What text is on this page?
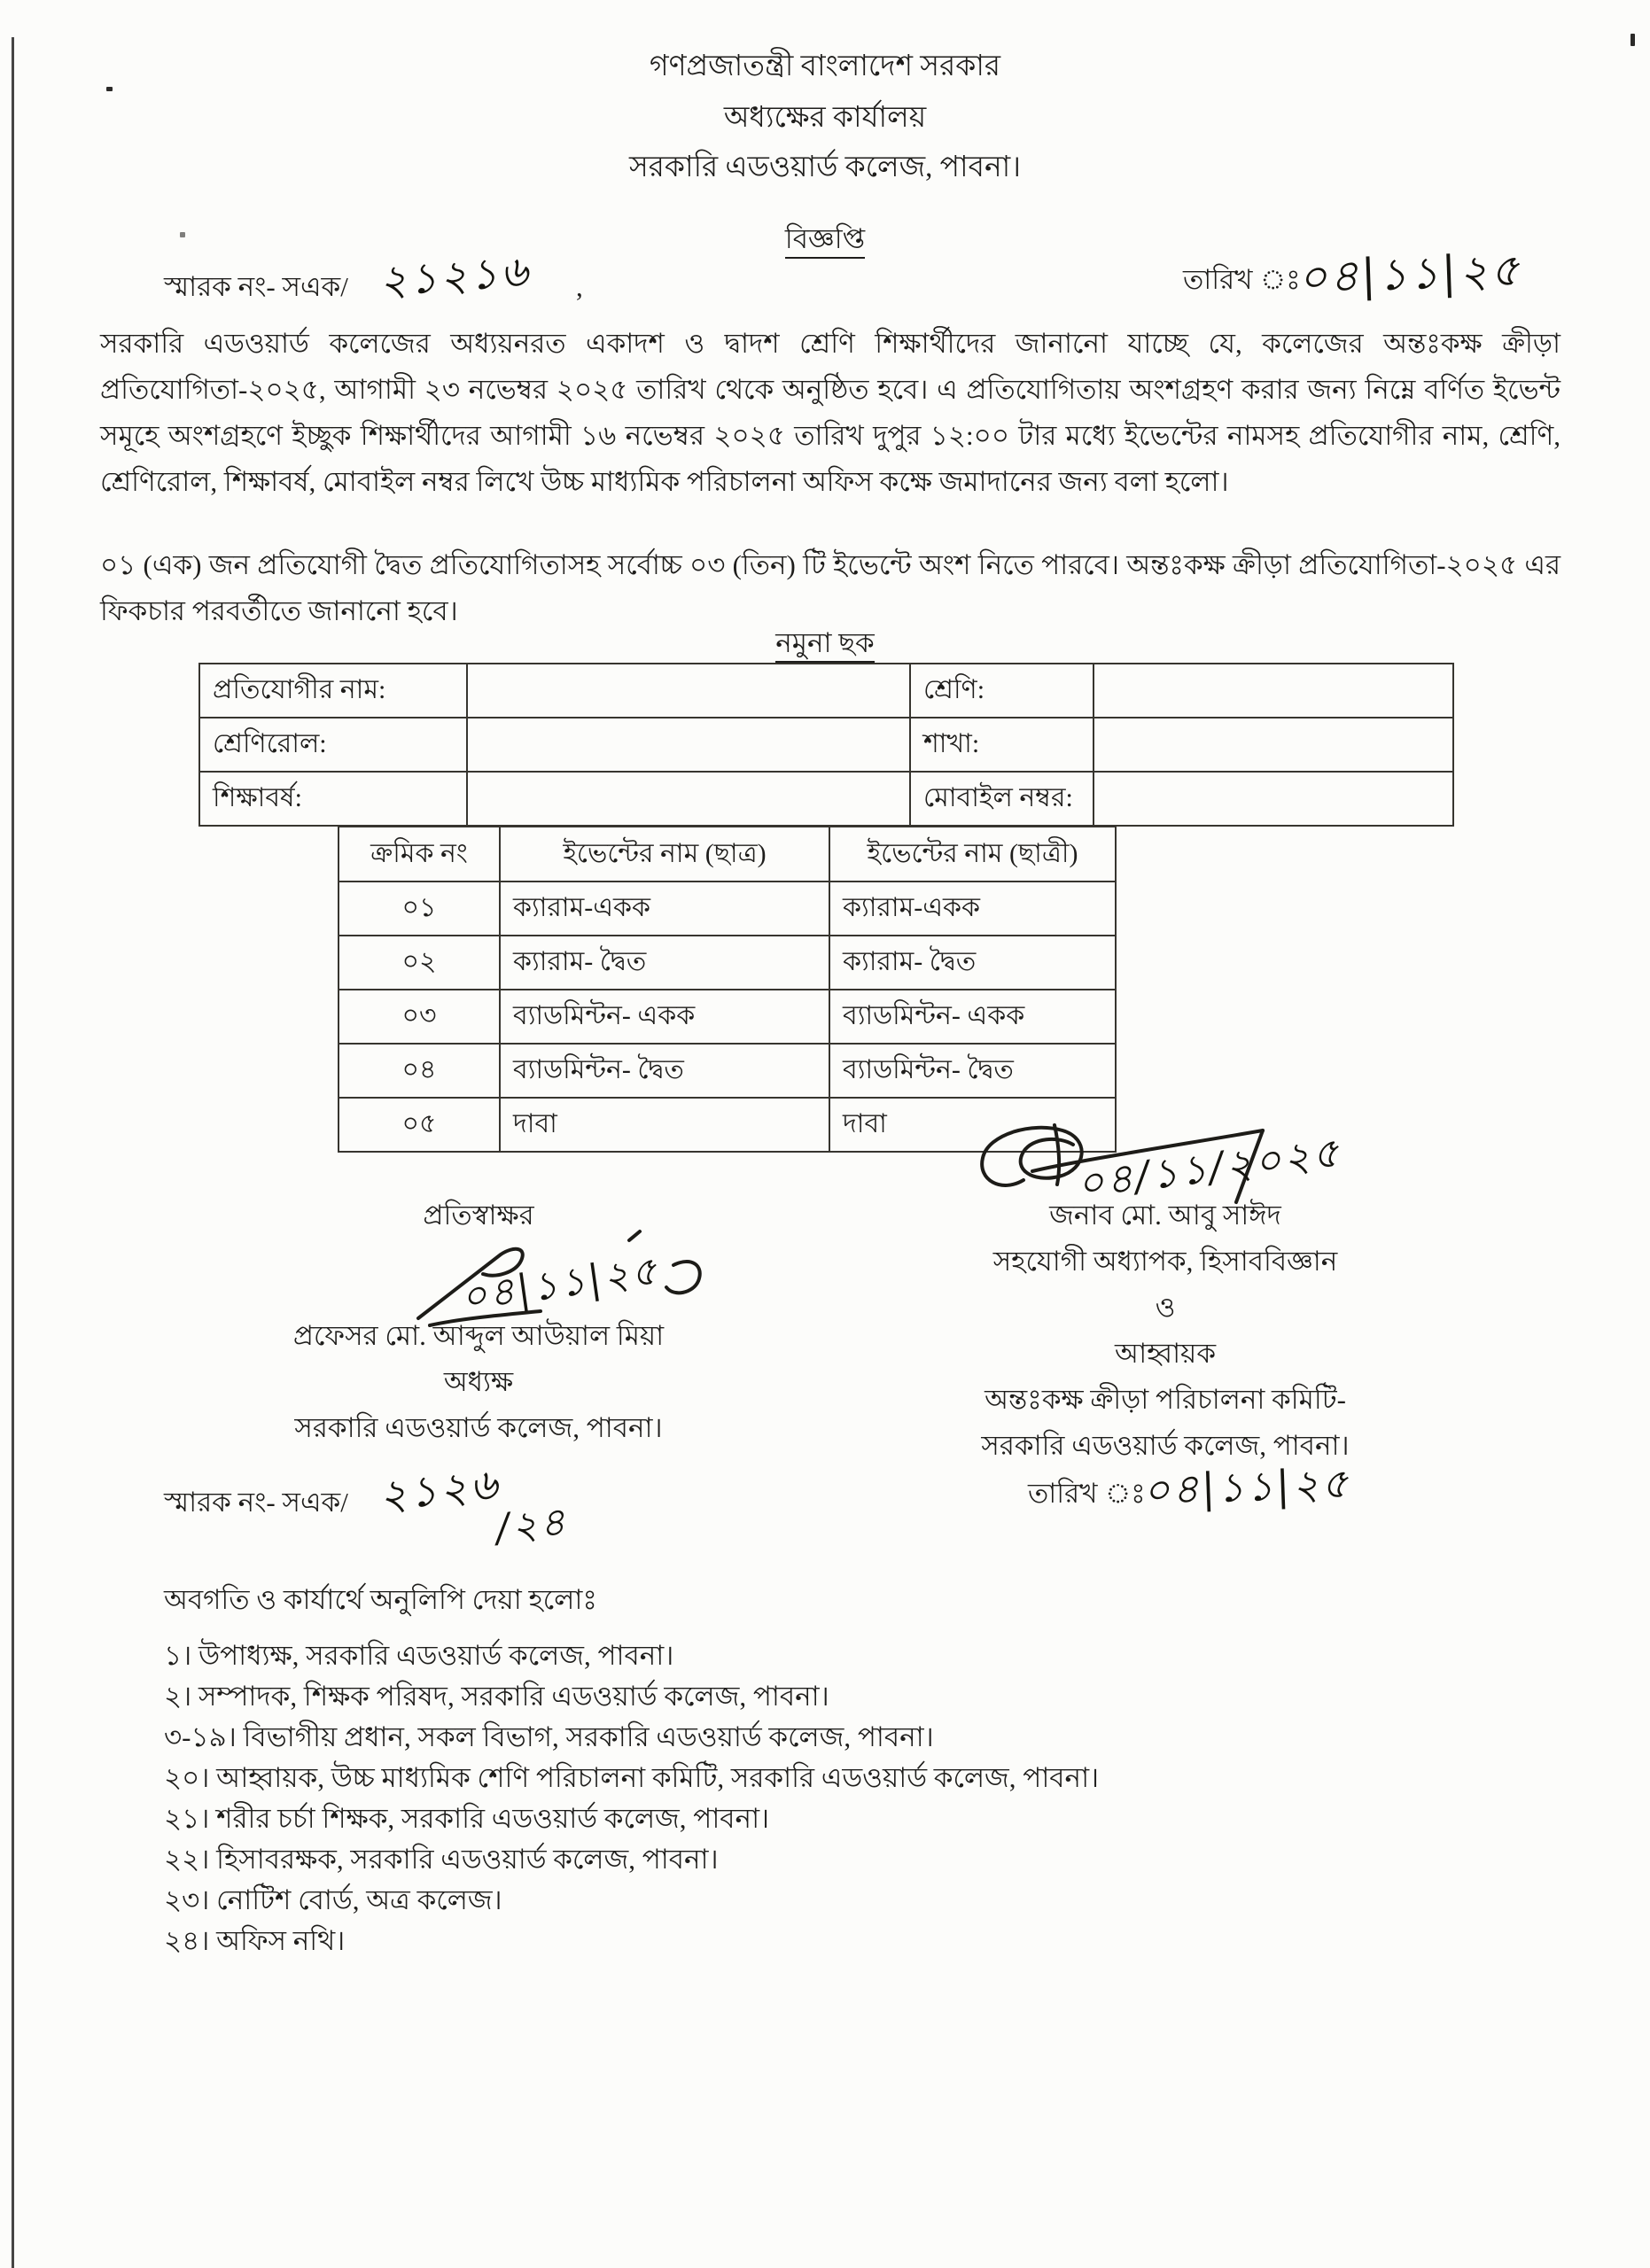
গণপ্রজাতন্ত্রী বাংলাদেশ সরকার
অধ্যক্ষের কার্যালয়
সরকারি এডওয়ার্ড কলেজ, পাবনা।
বিজ্ঞপ্তি
স্মারক নং- সএক/ ২১২১৬ ,	তারিখ ঃ
০৪|১১|২৫
সরকারি এডওয়ার্ড কলেজের অধ্যয়নরত একাদশ ও দ্বাদশ শ্রেণি শিক্ষার্থীদের জানানো যাচ্ছে যে, কলেজের অন্তঃকক্ষ ক্রীড়া প্রতিযোগিতা-২০২৫, আগামী ২৩ নভেম্বর ২০২৫ তারিখ থেকে অনুষ্ঠিত হবে। এ প্রতিযোগিতায় অংশগ্রহণ করার জন্য নিম্নে বর্ণিত ইভেন্ট সমূহে অংশগ্রহণে ইচ্ছুক শিক্ষার্থীদের আগামী ১৬ নভেম্বর ২০২৫ তারিখ দুপুর ১২:০০ টার মধ্যে ইভেন্টের নামসহ প্রতিযোগীর নাম, শ্রেণি, শ্রেণিরোল, শিক্ষাবর্ষ, মোবাইল নম্বর লিখে উচ্চ মাধ্যমিক পরিচালনা অফিস কক্ষে জমাদানের জন্য বলা হলো।
০১ (এক) জন প্রতিযোগী দ্বৈত প্রতিযোগিতাসহ সর্বোচ্চ ০৩ (তিন) টি ইভেন্টে অংশ নিতে পারবে। অন্তঃকক্ষ ক্রীড়া প্রতিযোগিতা-২০২৫ এর ফিকচার পরবর্তীতে জানানো হবে।
নমুনা ছক
প্রতিযোগীর নাম:		শ্রেণি:	
শ্রেণিরোল:		শাখা:	
শিক্ষাবর্ষ:		মোবাইল নম্বর:	
ক্রমিক নং	ইভেন্টের নাম (ছাত্র)	ইভেন্টের নাম (ছাত্রী)
০১	ক্যারাম-একক	ক্যারাম-একক
০২	ক্যারাম- দ্বৈত	ক্যারাম- দ্বৈত
০৩	ব্যাডমিন্টন- একক	ব্যাডমিন্টন- একক
০৪	ব্যাডমিন্টন- দ্বৈত	ব্যাডমিন্টন- দ্বৈত
০৫	দাবা	দাবা
০৪/১১/২০২৫
জনাব মো. আবু সাঈদ
সহযোগী অধ্যাপক, হিসাববিজ্ঞান
ও
আহ্বায়ক
অন্তঃকক্ষ ক্রীড়া পরিচালনা কমিটি-
সরকারি এডওয়ার্ড কলেজ, পাবনা।
প্রতিস্বাক্ষর
০৪|১১|২৫
প্রফেসর মো. আব্দুল আউয়াল মিয়া
অধ্যক্ষ
সরকারি এডওয়ার্ড কলেজ, পাবনা।
স্মারক নং- সএক/ ২১২৬
/২৪
তারিখ ঃ
০৪|১১|২৫
অবগতি ও কার্যার্থে অনুলিপি দেয়া হলোঃ
১। উপাধ্যক্ষ, সরকারি এডওয়ার্ড কলেজ, পাবনা।
২। সম্পাদক, শিক্ষক পরিষদ, সরকারি এডওয়ার্ড কলেজ, পাবনা।
৩-১৯। বিভাগীয় প্রধান, সকল বিভাগ, সরকারি এডওয়ার্ড কলেজ, পাবনা।
২০। আহ্বায়ক, উচ্চ মাধ্যমিক শেণি পরিচালনা কমিটি, সরকারি এডওয়ার্ড কলেজ, পাবনা।
২১। শরীর চর্চা শিক্ষক, সরকারি এডওয়ার্ড কলেজ, পাবনা।
২২। হিসাবরক্ষক, সরকারি এডওয়ার্ড কলেজ, পাবনা।
২৩। নোটিশ বোর্ড, অত্র কলেজ।
২৪। অফিস নথি।
